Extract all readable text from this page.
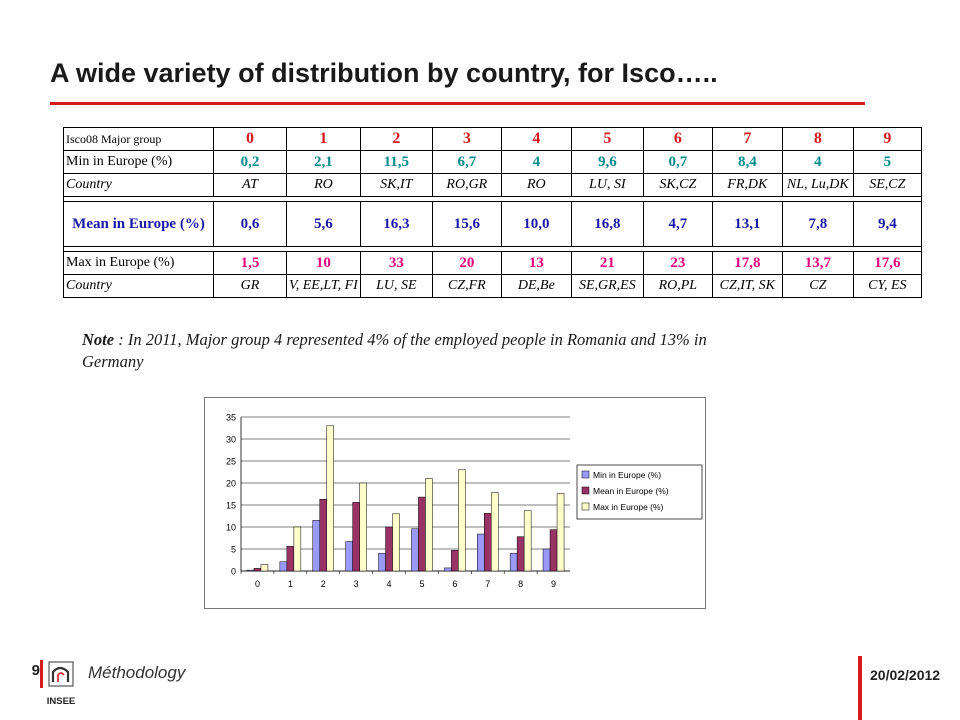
A wide variety of distribution by country, for Isco…..
Isco08 Major group	0	1	2	3	4	5	6	7	8	9
Min in Europe (%)	0,2	2,1	11,5	6,7	4	9,6	0,7	8,4	4	5
Country	AT	RO	SK,IT	RO,GR	RO	LU, SI	SK,CZ	FR,DK	NL, Lu,DK	SE,CZ

Mean in Europe (%)	0,6	5,6	16,3	15,6	10,0	16,8	4,7	13,1	7,8	9,4

Max in Europe (%)	1,5	10	33	20	13	21	23	17,8	13,7	17,6
Country	GR	V, EE,LT, FI	LU, SE	CZ,FR	DE,Be	SE,GR,ES	RO,PL	CZ,IT, SK	CZ	CY, ES
Note : In 2011, Major group 4 represented 4% of the employed people in Romania and 13% in Germany
0
5
10
15
20
25
30
35
0	1	2	3	4	5	6	7	8	9
Min in Europe (%)
Mean in Europe (%)
Max in Europe (%)
9
INSEE
Méthodology	20/02/2012
